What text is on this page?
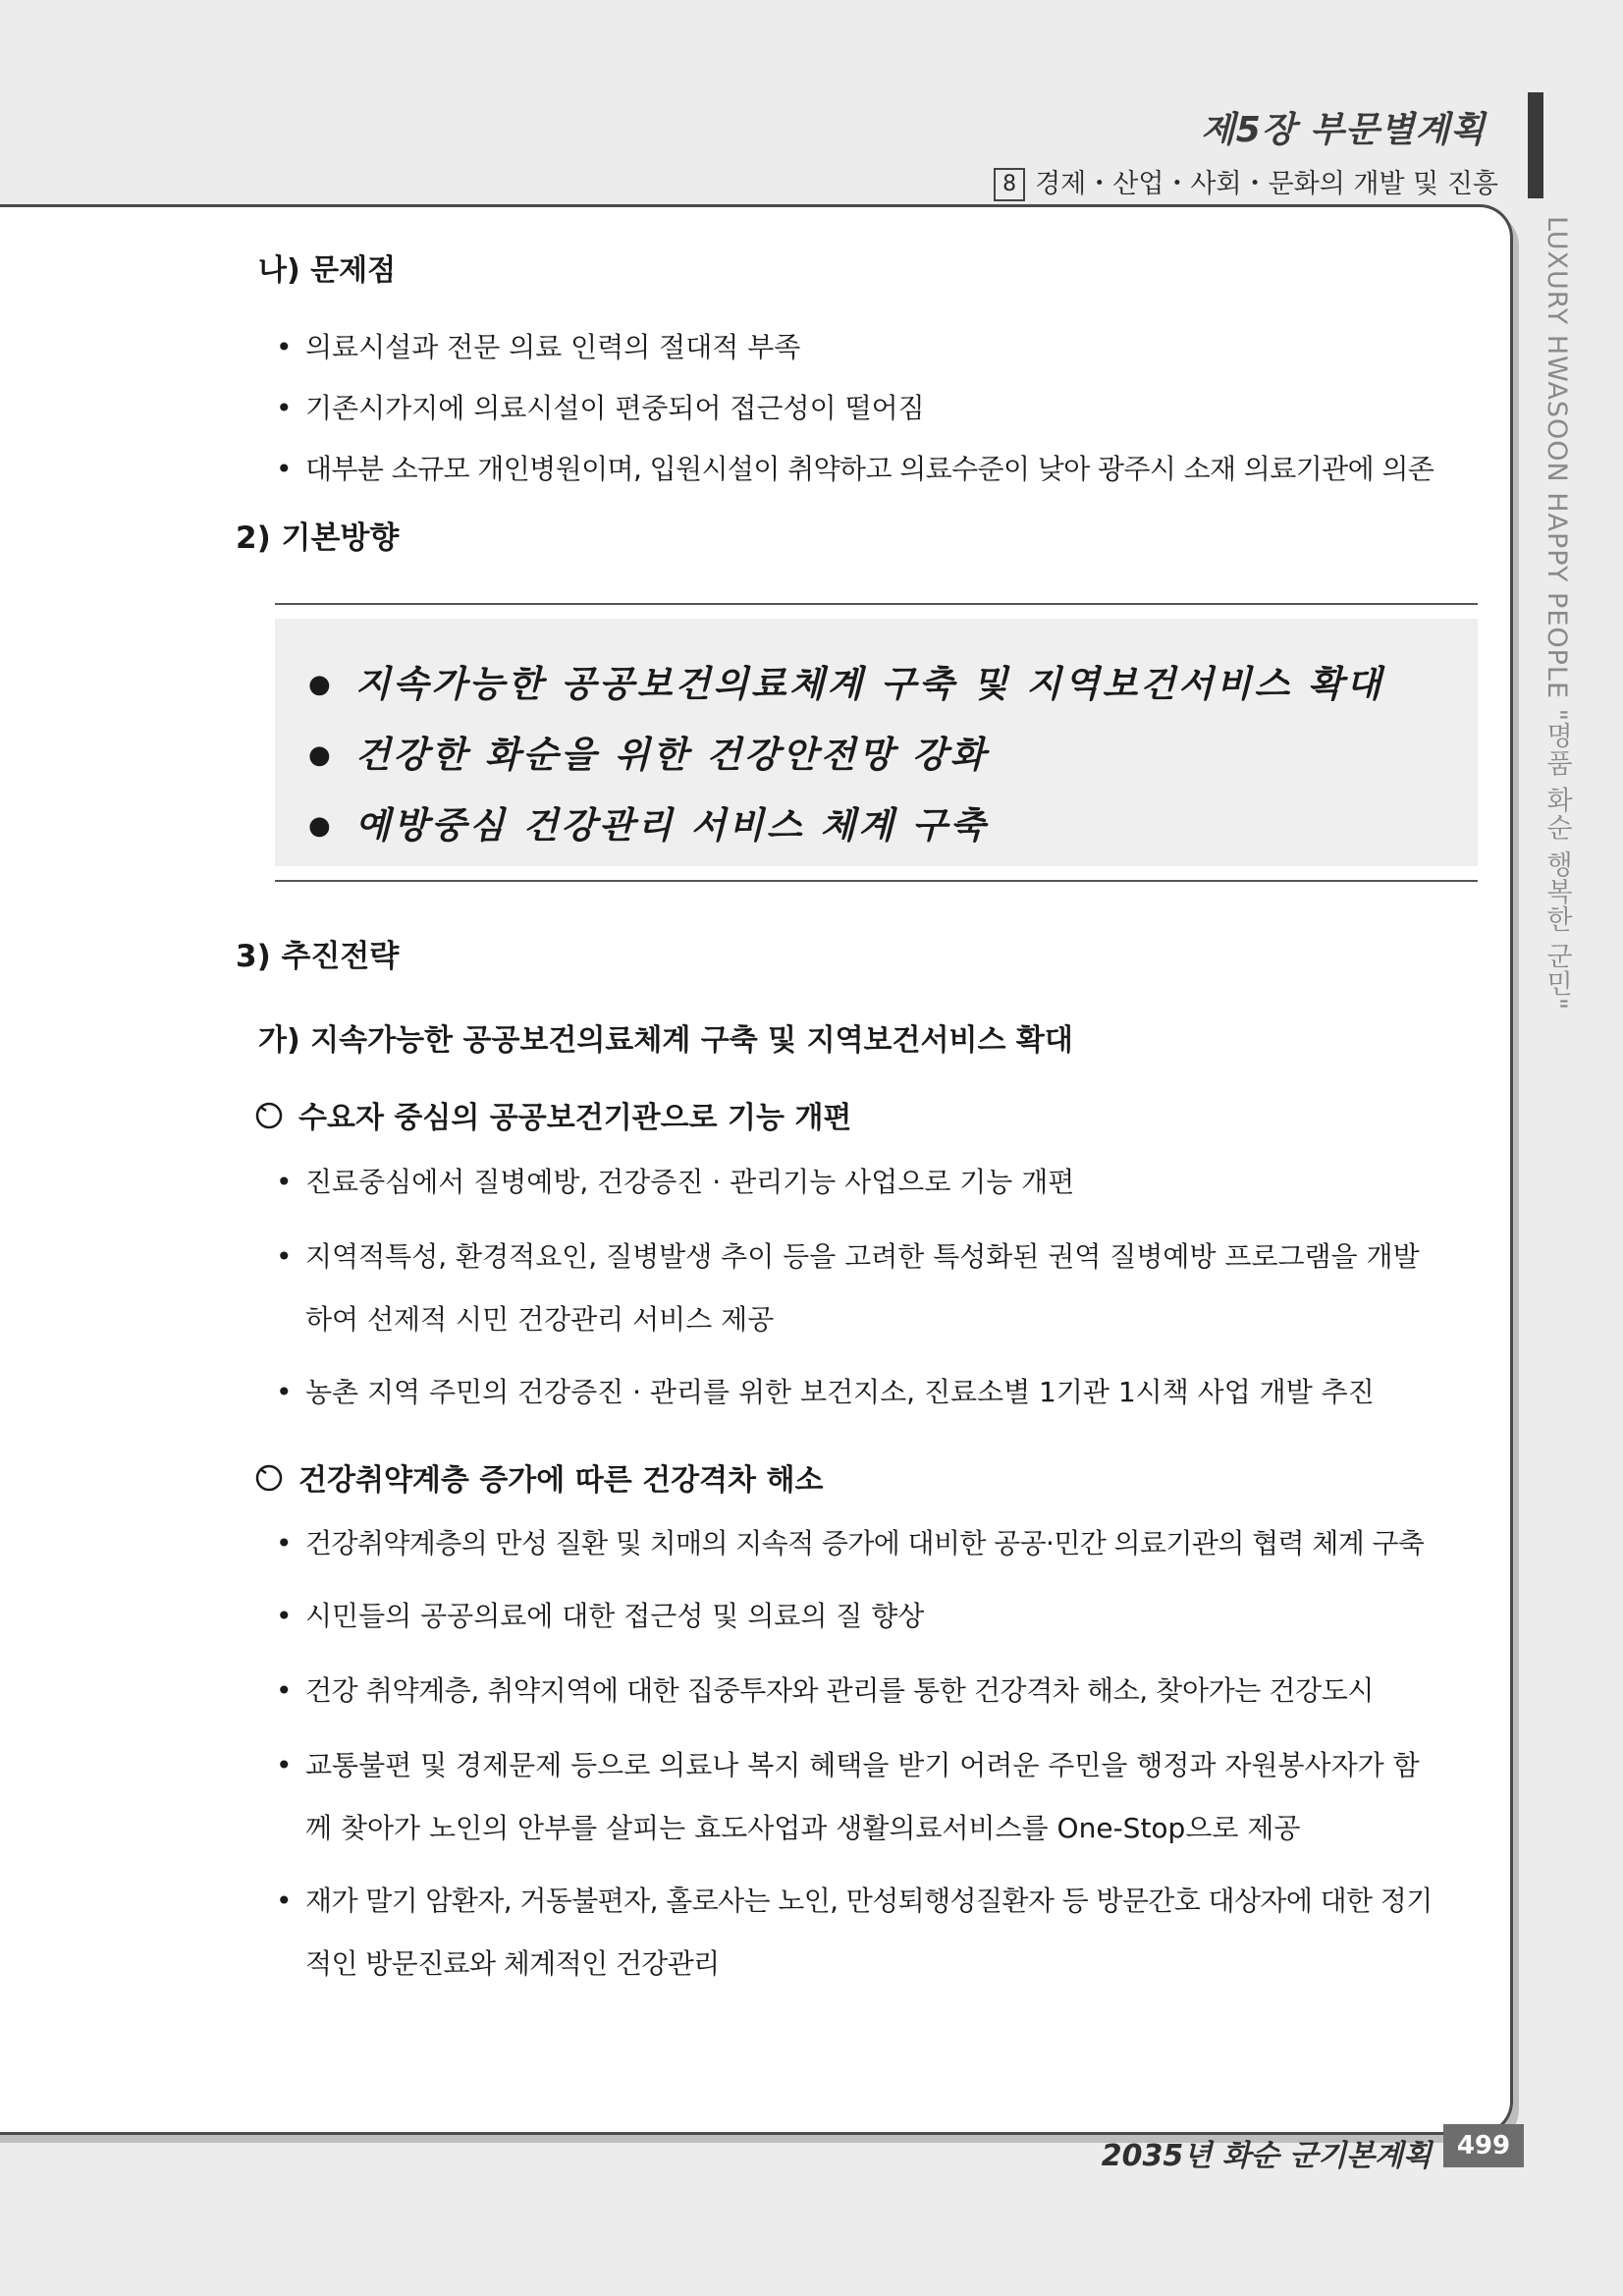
제5장 부문별계획
8 경제・산업・사회・문화의 개발 및 진흥
LUXURY HWASOON HAPPY PEOPLE "명품 화순 행복한 군민"
나) 문제점
• 의료시설과 전문 의료 인력의 절대적 부족
• 기존시가지에 의료시설이 편중되어 접근성이 떨어짐
• 대부분 소규모 개인병원이며, 입원시설이 취약하고 의료수준이 낮아 광주시 소재 의료기관에 의존
2) 기본방향
● 지속가능한 공공보건의료체계 구축 및 지역보건서비스 확대
● 건강한 화순을 위한 건강안전망 강화
● 예방중심 건강관리 서비스 체계 구축
3) 추진전략
가) 지속가능한 공공보건의료체계 구축 및 지역보건서비스 확대
수요자 중심의 공공보건기관으로 기능 개편
• 진료중심에서 질병예방, 건강증진 · 관리기능 사업으로 기능 개편
• 지역적특성, 환경적요인, 질병발생 추이 등을 고려한 특성화된 권역 질병예방 프로그램을 개발하여 선제적 시민 건강관리 서비스 제공
• 농촌 지역 주민의 건강증진 · 관리를 위한 보건지소, 진료소별 1기관 1시책 사업 개발 추진
건강취약계층 증가에 따른 건강격차 해소
• 건강취약계층의 만성 질환 및 치매의 지속적 증가에 대비한 공공·민간 의료기관의 협력 체계 구축
• 시민들의 공공의료에 대한 접근성 및 의료의 질 향상
• 건강 취약계층, 취약지역에 대한 집중투자와 관리를 통한 건강격차 해소, 찾아가는 건강도시
• 교통불편 및 경제문제 등으로 의료나 복지 혜택을 받기 어려운 주민을 행정과 자원봉사자가 함께 찾아가 노인의 안부를 살피는 효도사업과 생활의료서비스를 One-Stop으로 제공
• 재가 말기 암환자, 거동불편자, 홀로사는 노인, 만성퇴행성질환자 등 방문간호 대상자에 대한 정기적인 방문진료와 체계적인 건강관리
2035년 화순 군기본계획 499
